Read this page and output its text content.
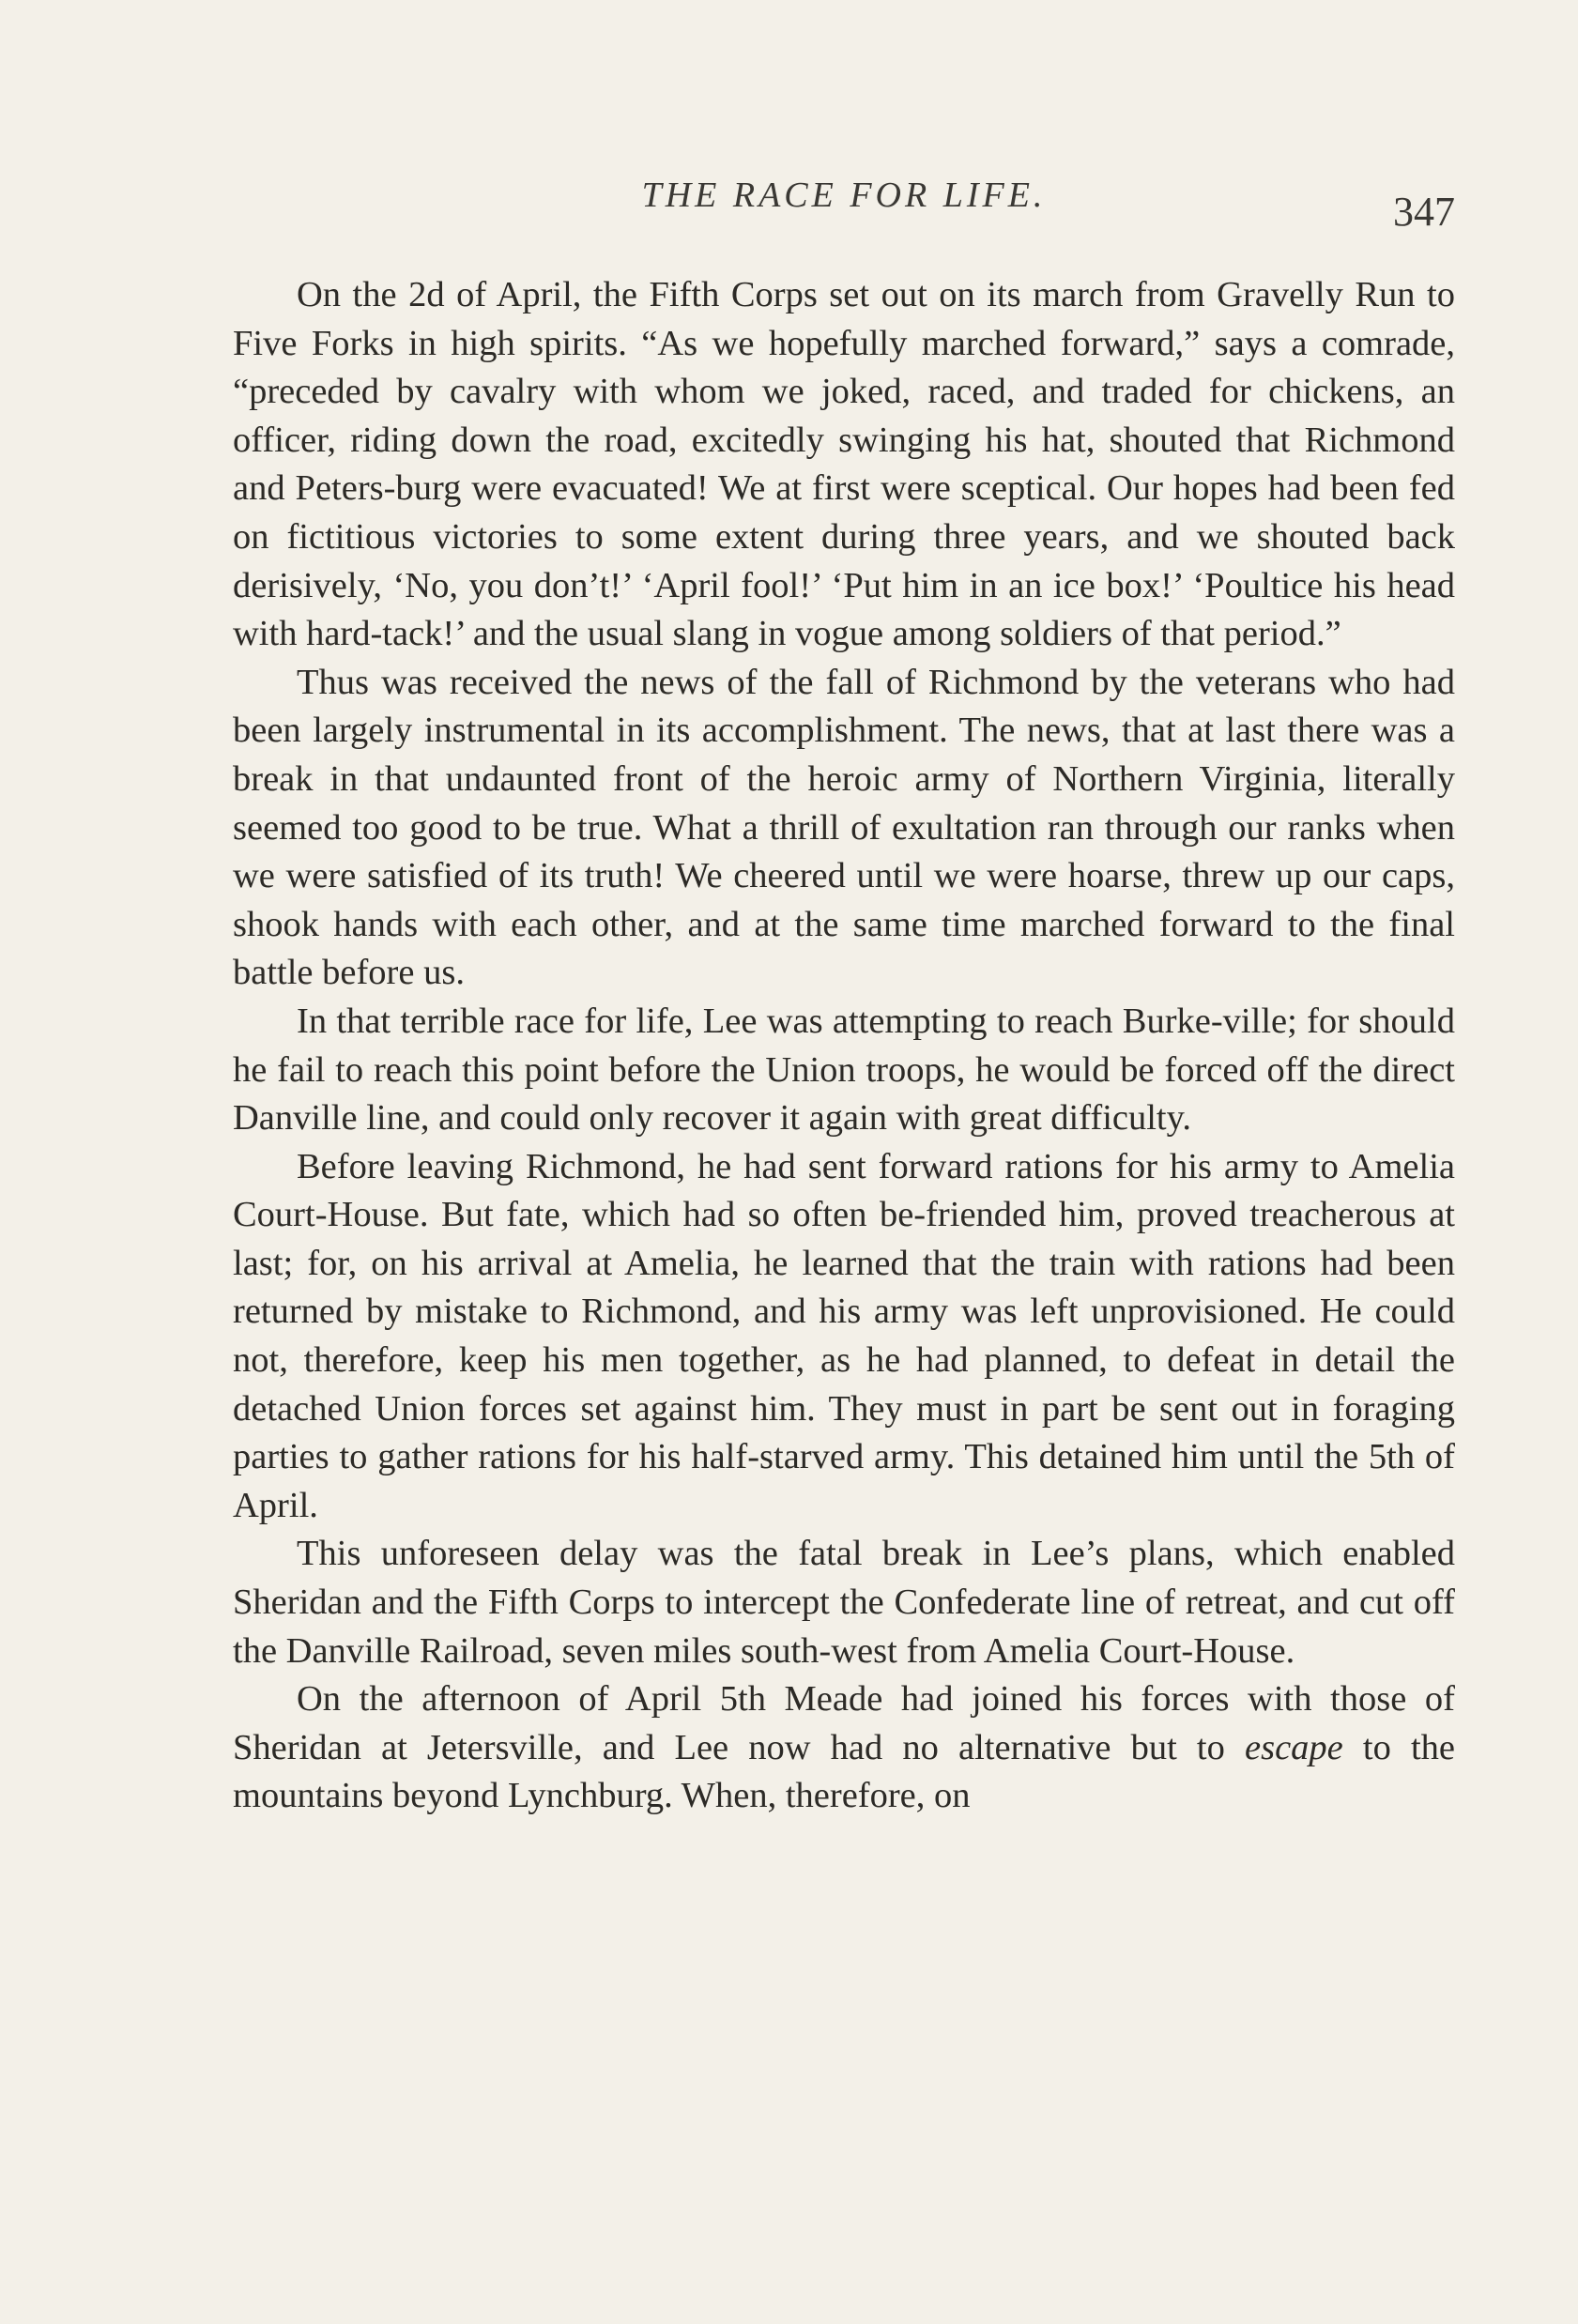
THE RACE FOR LIFE.	347

On the 2d of April, the Fifth Corps set out on its march from Gravelly Run to Five Forks in high spirits. “As we hopefully marched forward,” says a comrade, “preceded by cavalry with whom we joked, raced, and traded for chickens, an officer, riding down the road, excitedly swinging his hat, shouted that Richmond and Peters-burg were evacuated! We at first were sceptical. Our hopes had been fed on fictitious victories to some extent during three years, and we shouted back derisively, ‘No, you don’t!’ ‘April fool!’ ‘Put him in an ice box!’ ‘Poultice his head with hard-tack!’ and the usual slang in vogue among soldiers of that period.”

Thus was received the news of the fall of Richmond by the veterans who had been largely instrumental in its accomplishment. The news, that at last there was a break in that undaunted front of the heroic army of Northern Virginia, literally seemed too good to be true. What a thrill of exultation ran through our ranks when we were satisfied of its truth! We cheered until we were hoarse, threw up our caps, shook hands with each other, and at the same time marched forward to the final battle before us.

In that terrible race for life, Lee was attempting to reach Burke-ville; for should he fail to reach this point before the Union troops, he would be forced off the direct Danville line, and could only recover it again with great difficulty.

Before leaving Richmond, he had sent forward rations for his army to Amelia Court-House. But fate, which had so often be-friended him, proved treacherous at last; for, on his arrival at Amelia, he learned that the train with rations had been returned by mistake to Richmond, and his army was left unprovisioned. He could not, therefore, keep his men together, as he had planned, to defeat in detail the detached Union forces set against him. They must in part be sent out in foraging parties to gather rations for his half-starved army. This detained him until the 5th of April.

This unforeseen delay was the fatal break in Lee’s plans, which enabled Sheridan and the Fifth Corps to intercept the Confederate line of retreat, and cut off the Danville Railroad, seven miles south-west from Amelia Court-House.

On the afternoon of April 5th Meade had joined his forces with those of Sheridan at Jetersville, and Lee now had no alternative but to escape to the mountains beyond Lynchburg. When, therefore, on
